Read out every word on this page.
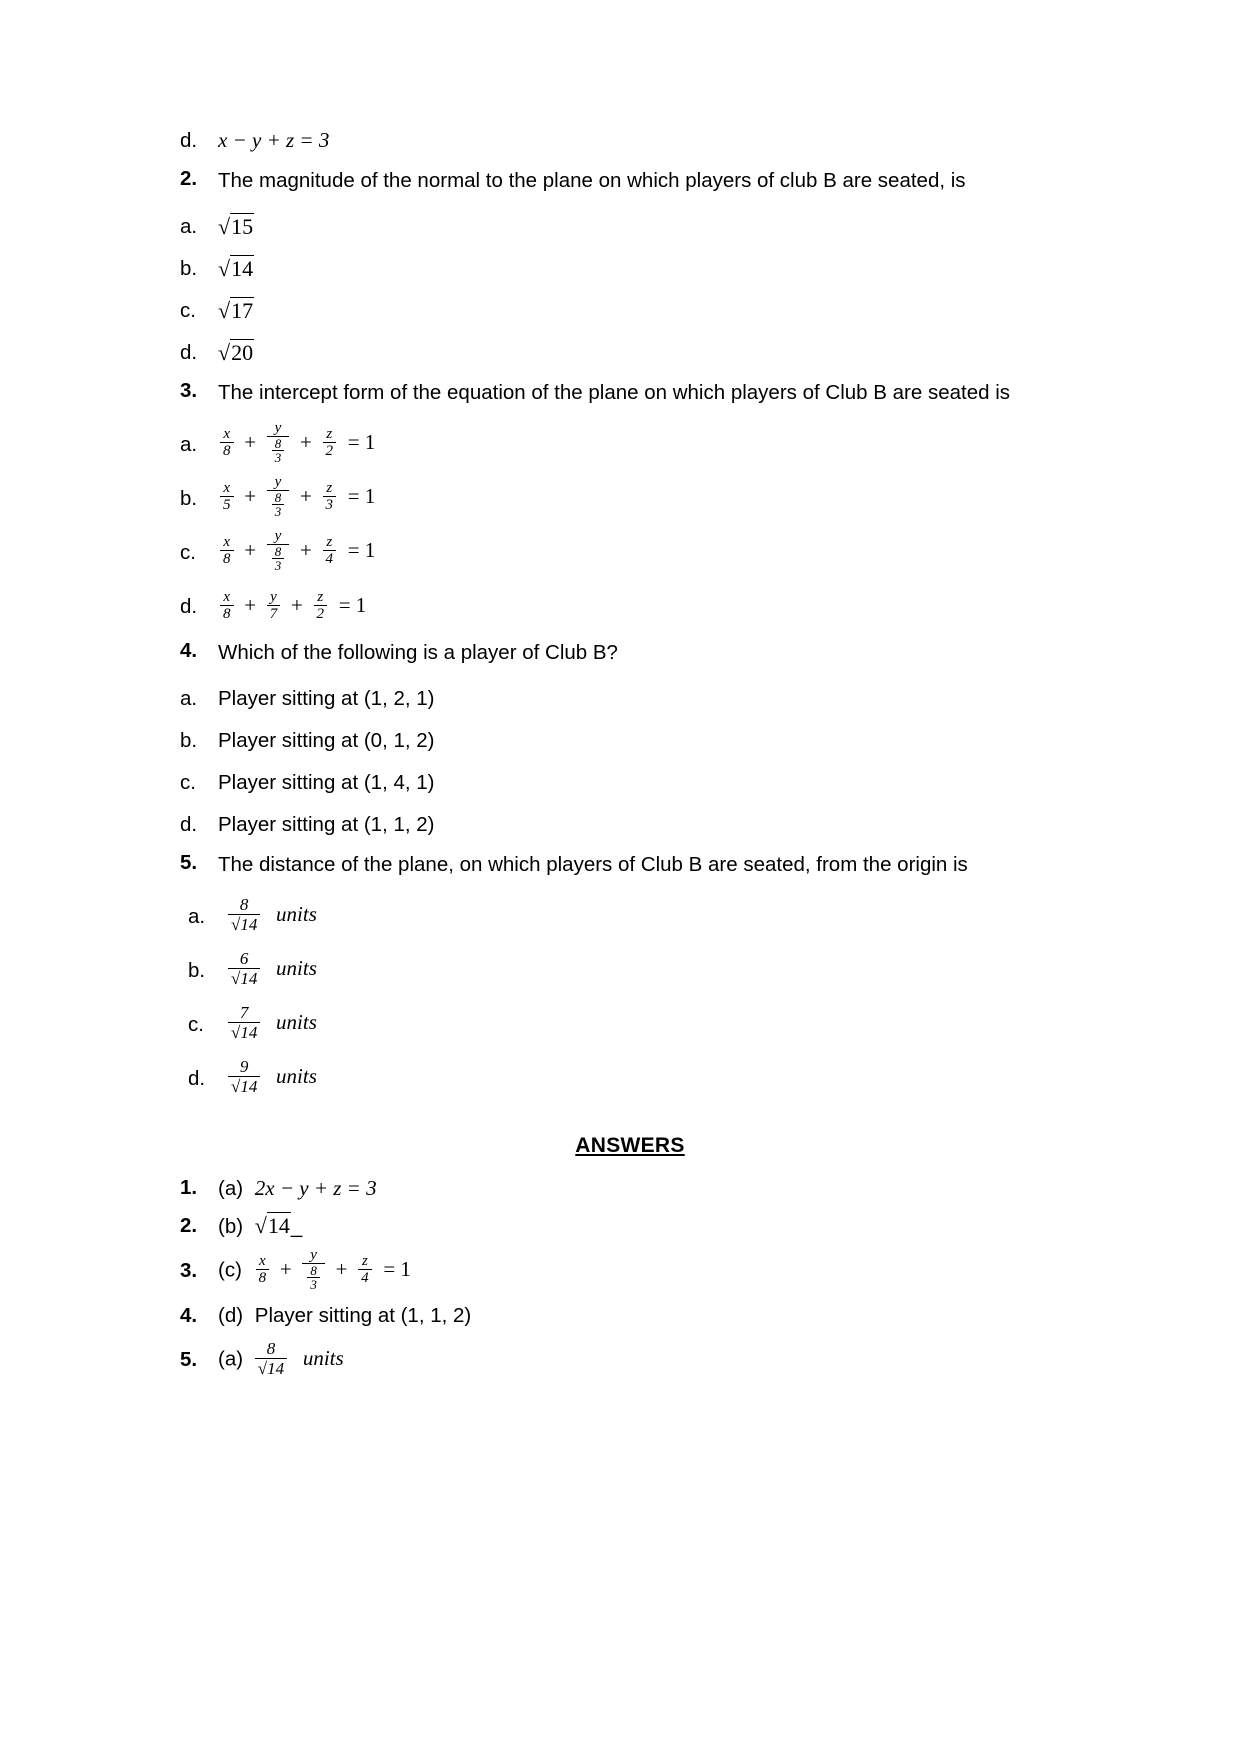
d. x − y + z = 3
2.	The magnitude of the normal to the plane on which players of club B are seated, is
a. √15
b. √14
c.	√17
d. √20
3.	The intercept form of the equation of the plane on which players of Club B are seated is
a.	$\frac{x}{8} + \frac{y}{\frac{8}{3}} + \frac{z}{2} = 1$
b.	$\frac{x}{5} + \frac{y}{\frac{8}{3}} + \frac{z}{3} = 1$
c.	$\frac{x}{8} + \frac{y}{\frac{8}{3}} + \frac{z}{4} = 1$
d.	$\frac{x}{8} + \frac{y}{7} + \frac{z}{2} = 1$
4.	Which of the following is a player of Club B?
a.	Player sitting at (1, 2, 1)
b.	Player sitting at (0, 1, 2)
c.	Player sitting at (1, 4, 1)
d.	Player sitting at (1, 1, 2)
5.	The distance of the plane, on which players of Club B are seated, from the origin is
a.	$\frac{8}{√14}$ units
b.	$\frac{6}{√14}$ units
c.	$\frac{7}{√14}$ units
d.	$\frac{9}{√14}$ units
ANSWERS
1.	(a) 2x − y + z = 3
2.	(b) √14_
3.	$(c) \frac{x}{8} + \frac{y}{\frac{8}{3}} + \frac{z}{4} = 1$
4.	(d) Player sitting at (1, 1, 2)
5.	$(a) \frac{8}{√14}$ units
